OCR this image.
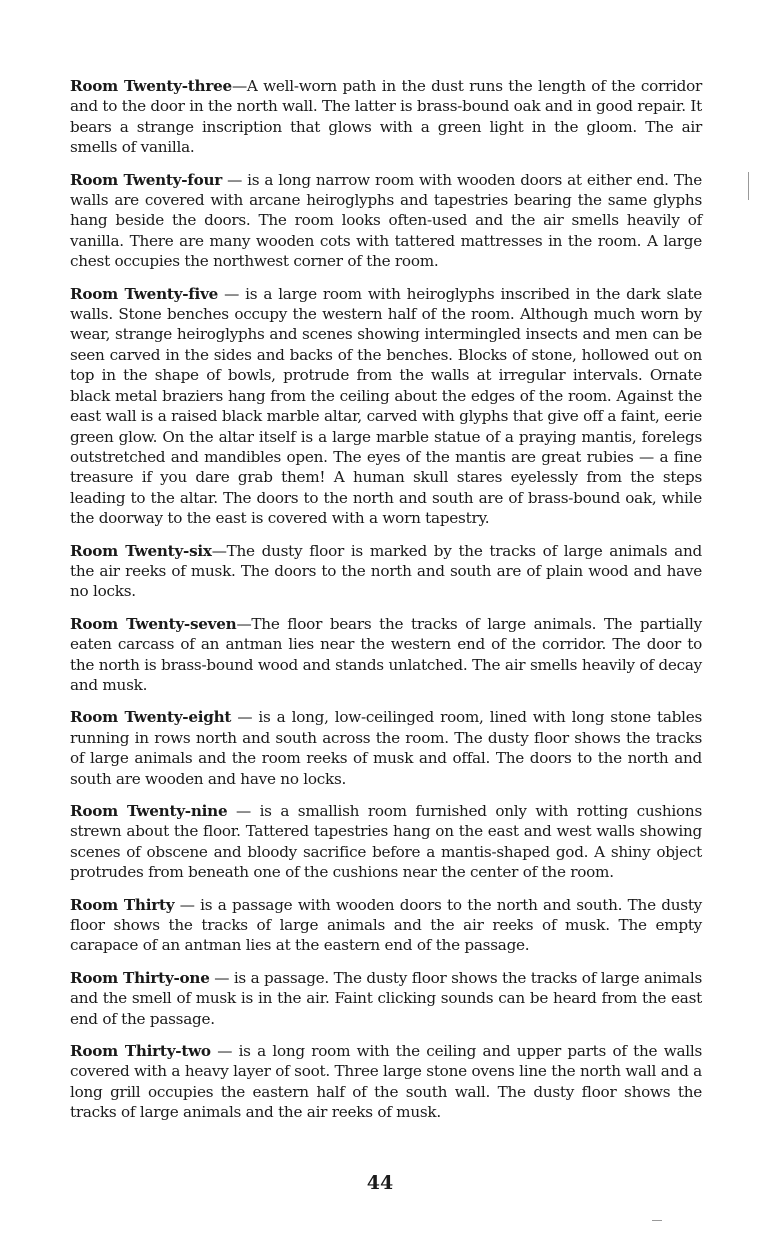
Room Twenty-three—A well-worn path in the dust runs the length of the corridor and to the door in the north wall. The latter is brass-bound oak and in good repair. It bears a strange inscription that glows with a green light in the gloom. The air smells of vanilla.

Room Twenty-four — is a long narrow room with wooden doors at either end. The walls are covered with arcane heiroglyphs and tapestries bearing the same glyphs hang beside the doors. The room looks often-used and the air smells heavily of vanilla. There are many wooden cots with tattered mattresses in the room. A large chest occupies the northwest corner of the room.

Room Twenty-five — is a large room with heiroglyphs inscribed in the dark slate walls. Stone benches occupy the western half of the room. Although much worn by wear, strange heiroglyphs and scenes showing intermingled insects and men can be seen carved in the sides and backs of the benches. Blocks of stone, hollowed out on top in the shape of bowls, protrude from the walls at irregular intervals. Ornate black metal braziers hang from the ceiling about the edges of the room. Against the east wall is a raised black marble altar, carved with glyphs that give off a faint, eerie green glow. On the altar itself is a large marble statue of a praying mantis, forelegs outstretched and mandibles open. The eyes of the mantis are great rubies — a fine treasure if you dare grab them! A human skull stares eyelessly from the steps leading to the altar. The doors to the north and south are of brass-bound oak, while the doorway to the east is covered with a worn tapestry.

Room Twenty-six—The dusty floor is marked by the tracks of large animals and the air reeks of musk. The doors to the north and south are of plain wood and have no locks.

Room Twenty-seven—The floor bears the tracks of large animals. The partially eaten carcass of an antman lies near the western end of the corridor. The door to the north is brass-bound wood and stands unlatched. The air smells heavily of decay and musk.

Room Twenty-eight — is a long, low-ceilinged room, lined with long stone tables running in rows north and south across the room. The dusty floor shows the tracks of large animals and the room reeks of musk and offal. The doors to the north and south are wooden and have no locks.

Room Twenty-nine — is a smallish room furnished only with rotting cushions strewn about the floor. Tattered tapestries hang on the east and west walls showing scenes of obscene and bloody sacrifice before a mantis-shaped god. A shiny object protrudes from beneath one of the cushions near the center of the room.

Room Thirty — is a passage with wooden doors to the north and south. The dusty floor shows the tracks of large animals and the air reeks of musk. The empty carapace of an antman lies at the eastern end of the passage.

Room Thirty-one — is a passage. The dusty floor shows the tracks of large animals and the smell of musk is in the air. Faint clicking sounds can be heard from the east end of the passage.

Room Thirty-two — is a long room with the ceiling and upper parts of the walls covered with a heavy layer of soot. Three large stone ovens line the north wall and a long grill occupies the eastern half of the south wall. The dusty floor shows the tracks of large animals and the air reeks of musk.

44
